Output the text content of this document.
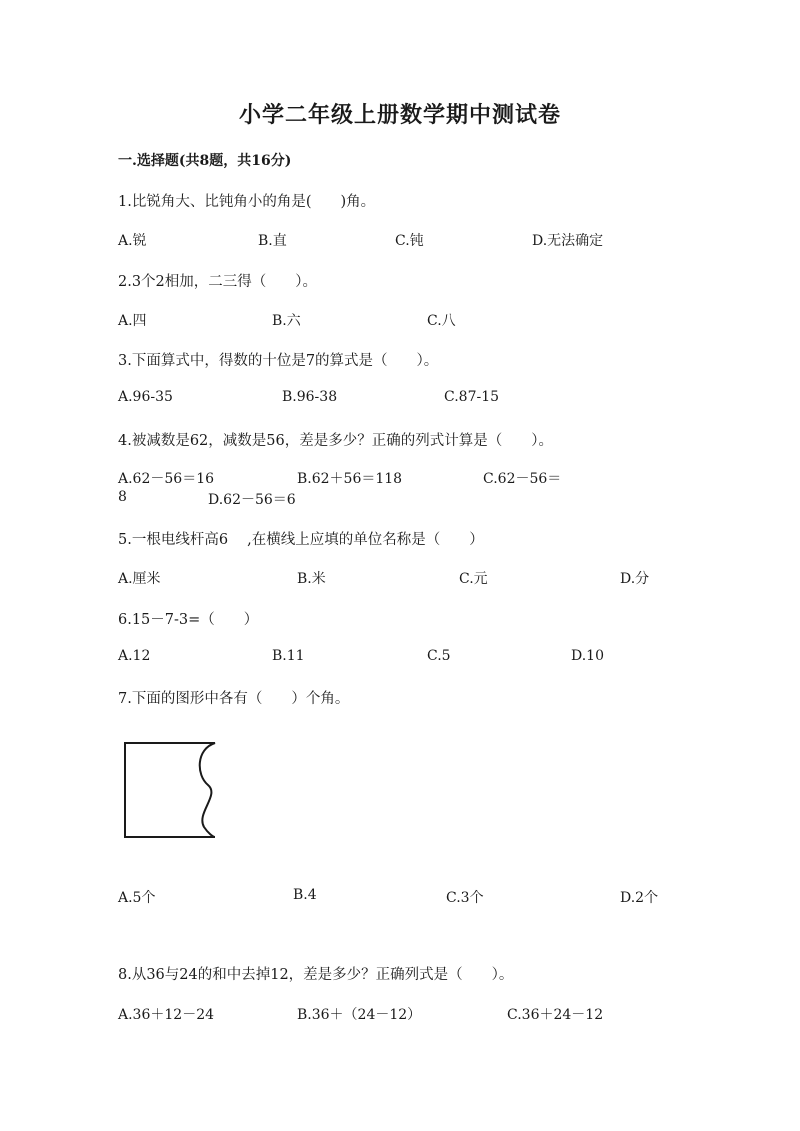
小学二年级上册数学期中测试卷
一.选择题(共8题，共16分)
1.比锐角大、比钝角小的角是(　　)角。
A.锐	B.直	C.钝	D.无法确定
2.3个2相加，二三得（　　）。
A.四	B.六	C.八
3.下面算式中，得数的十位是7的算式是（　　）。
A.96-35	B.96-38	C.87-15
4.被减数是62，减数是56，差是多少？正确的列式计算是（　　）。
A.62－56＝16	B.62＋56＝118	C.62－56＝
8	D.62－56＝6
5.一根电线杆高6　 ,在横线上应填的单位名称是（　　）
A.厘米	B.米	C.元	D.分
6.15－7-3=（　　）
A.12	B.11	C.5	D.10
7.下面的图形中各有（　　）个角。
A.5个	B.4	C.3个	D.2个
8.从36与24的和中去掉12，差是多少？正确列式是（　　）。
A.36＋12－24	B.36＋（24－12）	C.36＋24－12
